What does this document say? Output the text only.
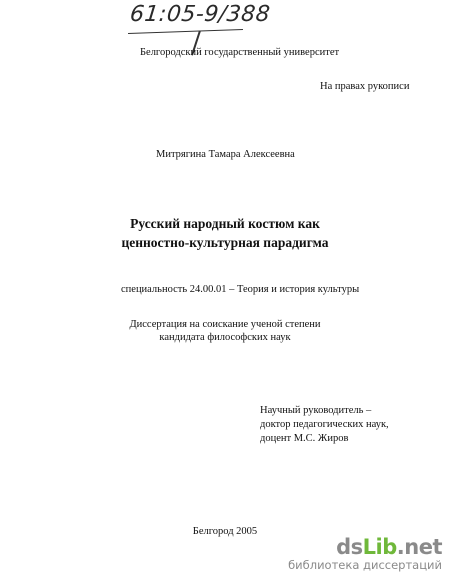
61:05-9/388
Белгородский государственный университет
На правах рукописи
Митрягина Тамара Алексеевна
Русский народный костюм как
ценностно-культурная парадигма
специальность 24.00.01 – Теория и история культуры
Диссертация на соискание ученой степени
кандидата философских наук
Научный руководитель –
доктор педагогических наук,
доцент М.С. Жиров
Белгород 2005
dsLib.net
библиотека диссертаций
